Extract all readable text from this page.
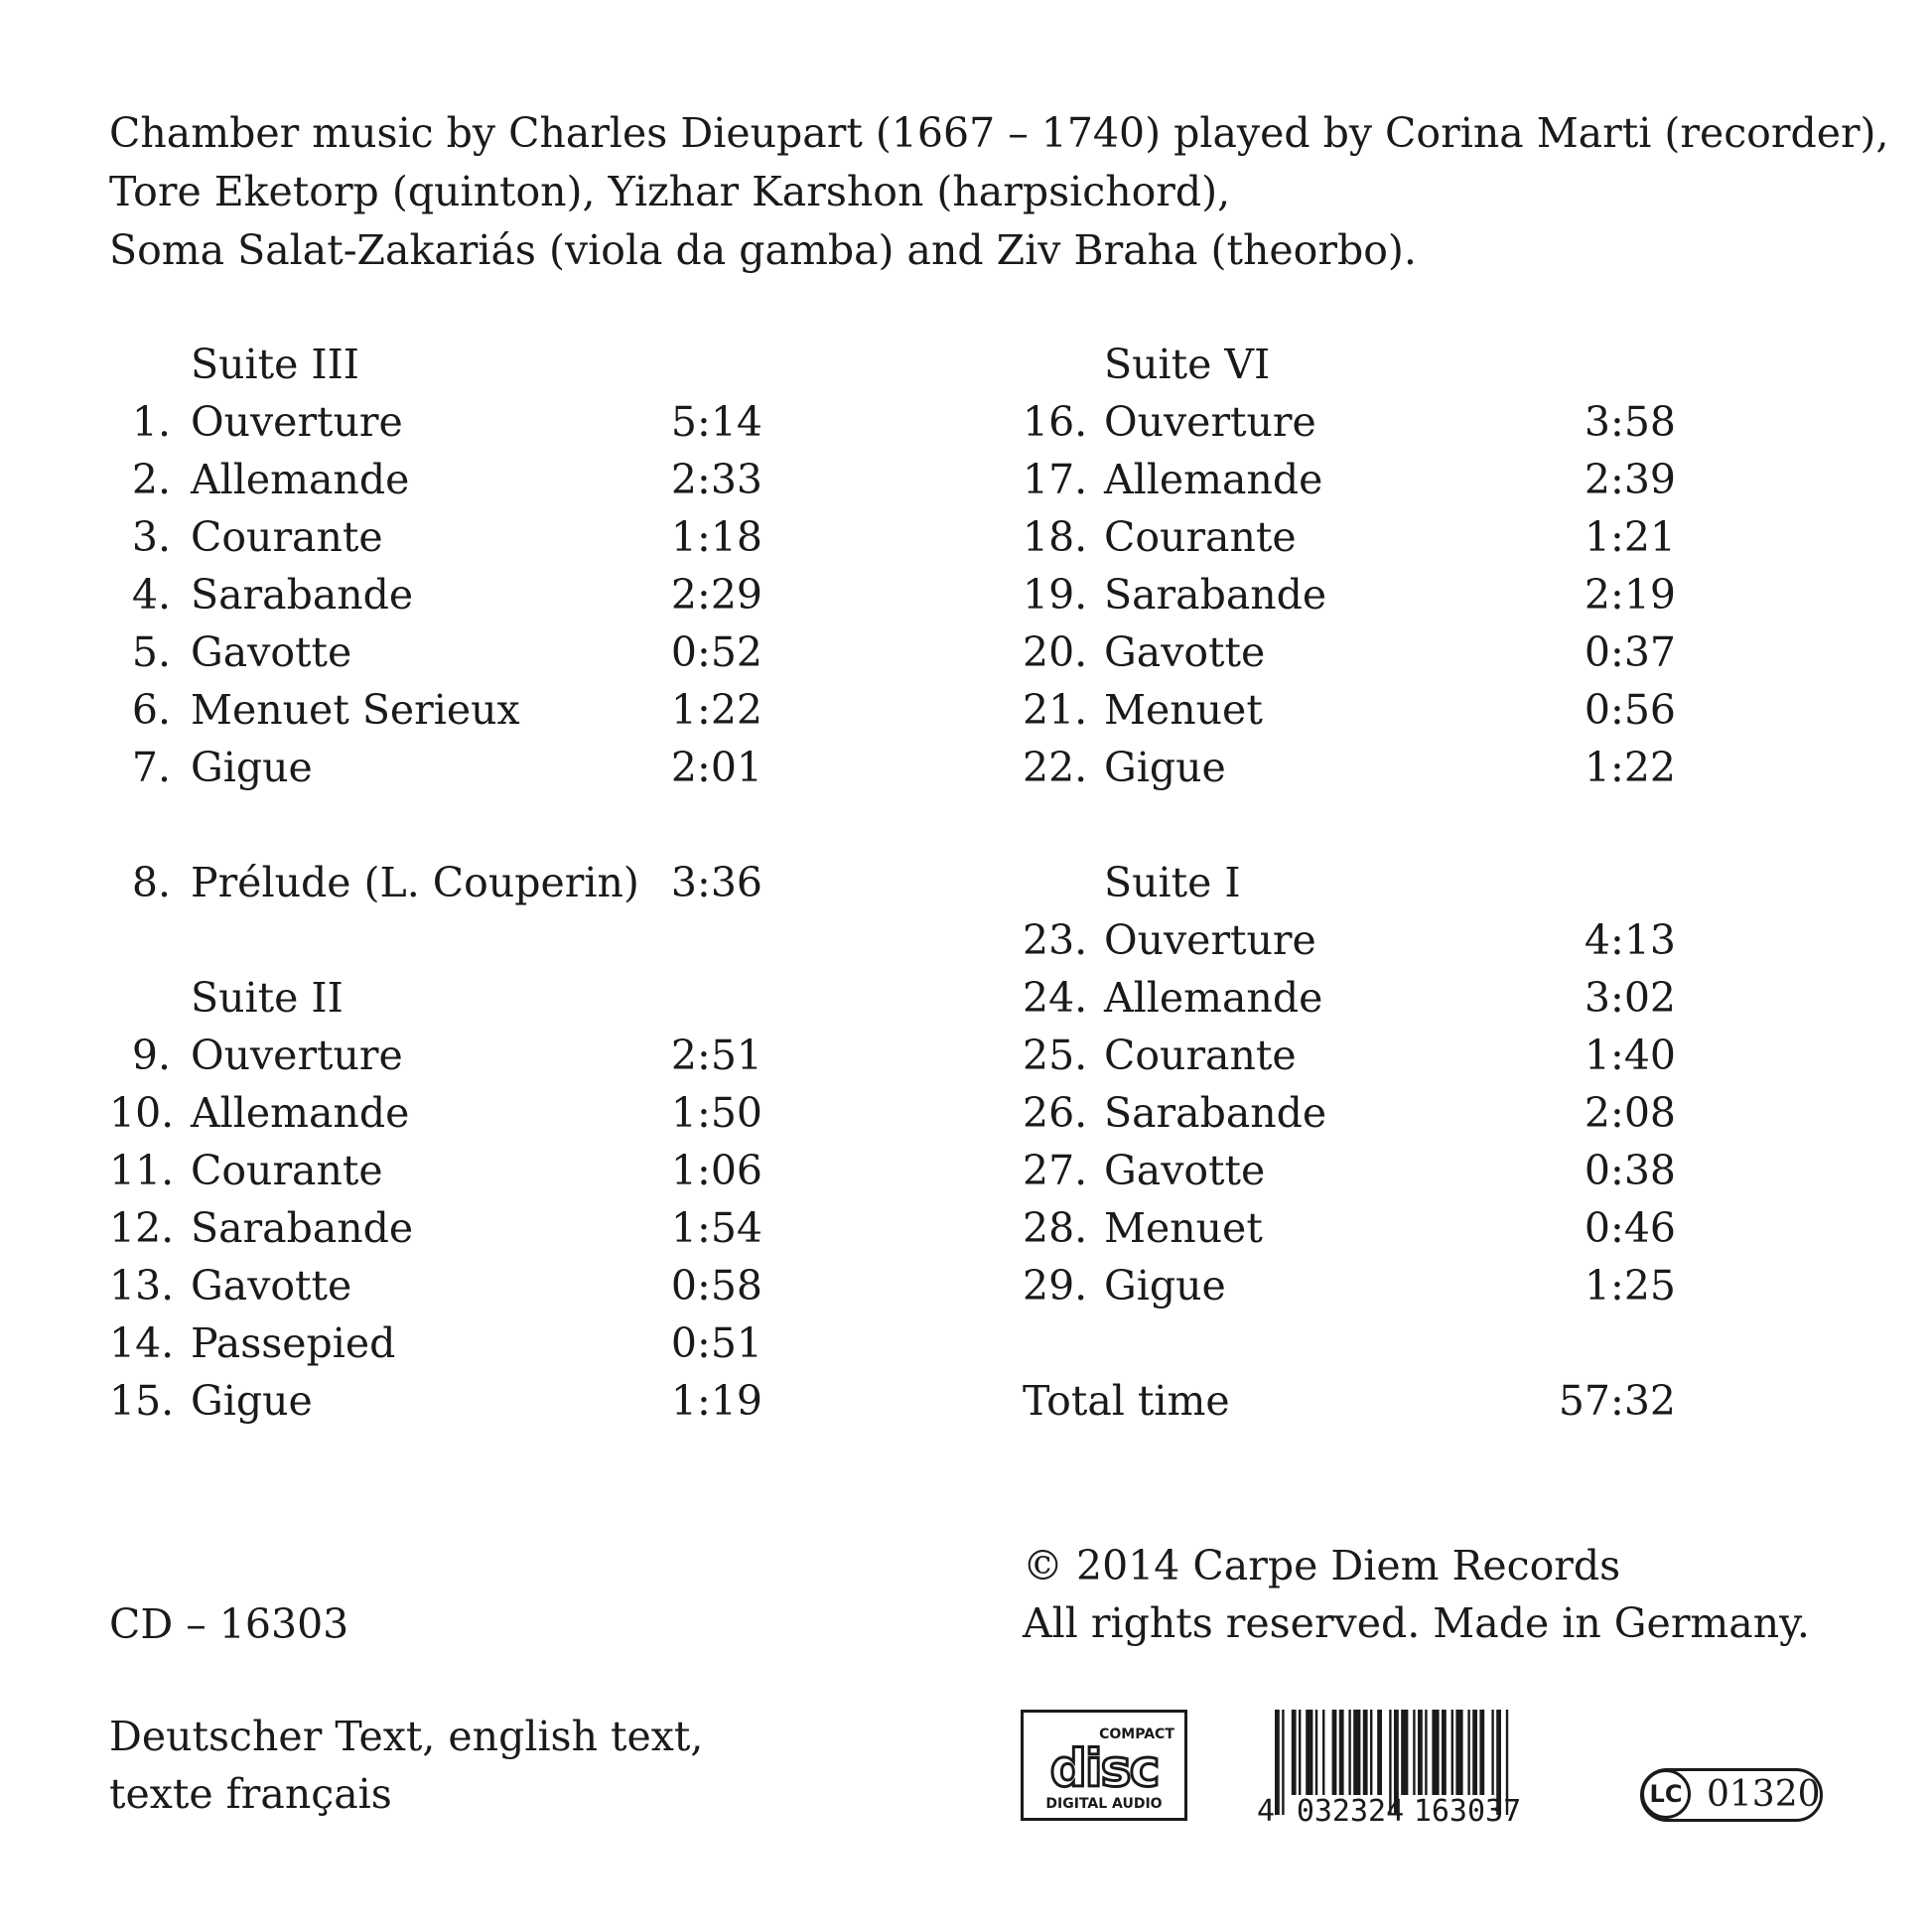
Chamber music by Charles Dieupart (1667 – 1740) played by Corina Marti (recorder),
Tore Eketorp (quinton), Yizhar Karshon (harpsichord),
Soma Salat-Zakariás (viola da gamba) and Ziv Braha (theorbo).
Suite III
1. Ouverture	5:14
2. Allemande	2:33
3. Courante	1:18
4. Sarabande	2:29
5. Gavotte	0:52
6. Menuet Serieux	1:22
7. Gigue	2:01
8. Prélude (L. Couperin) 3:36
Suite II
9. Ouverture	2:51
10. Allemande	1:50
11. Courante	1:06
12. Sarabande	1:54
13. Gavotte	0:58
14. Passepied	0:51
15. Gigue	1:19
Suite VI
16. Ouverture	3:58
17. Allemande	2:39
18. Courante	1:21
19. Sarabande	2:19
20. Gavotte	0:37
21. Menuet	0:56
22. Gigue	1:22
Suite I
23. Ouverture	4:13
24. Allemande	3:02
25. Courante	1:40
26. Sarabande	2:08
27. Gavotte	0:38
28. Menuet	0:46
29. Gigue	1:25
Total time	57:32
CD – 16303
Deutscher Text, english text,
texte français
© 2014 Carpe Diem Records
All rights reserved. Made in Germany.
COMPACT
disc
DIGITAL AUDIO	4 032324 163037	LC 01320
